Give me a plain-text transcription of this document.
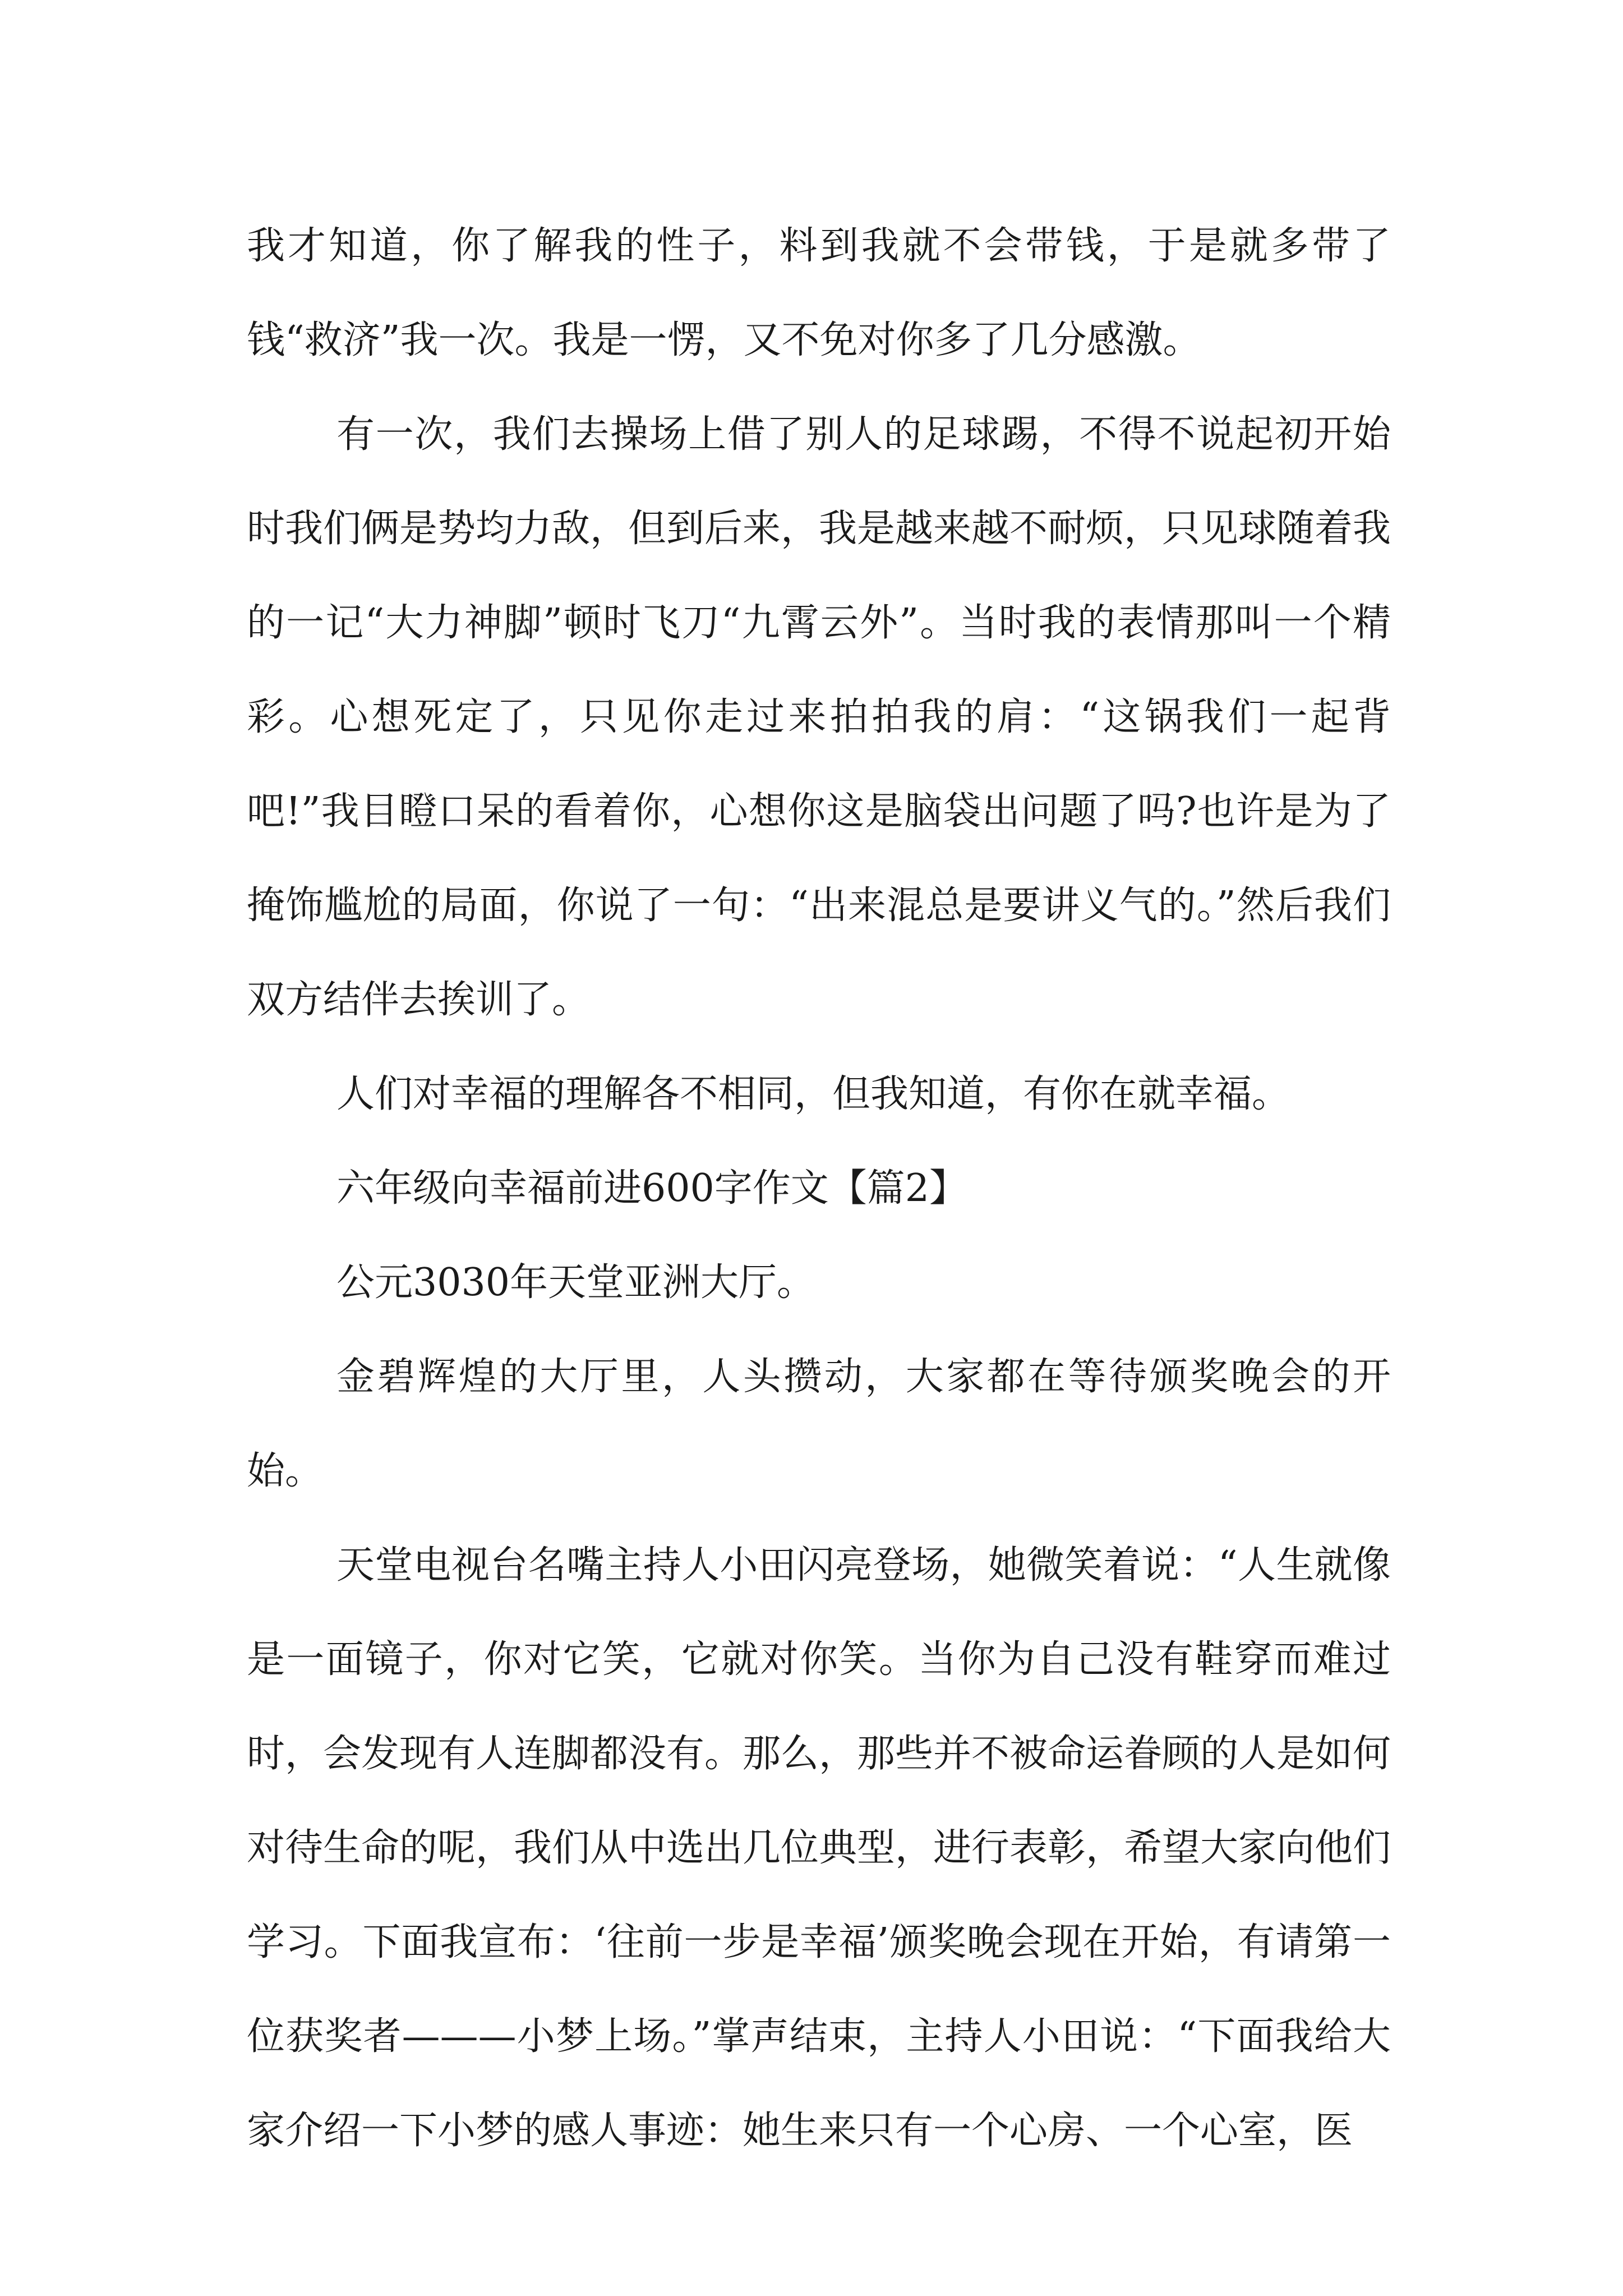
我才知道，你了解我的性子，料到我就不会带钱，于是就多带了钱“救济”我一次。我是一愣，又不免对你多了几分感激。

有一次，我们去操场上借了别人的足球踢，不得不说起初开始时我们俩是势均力敌，但到后来，我是越来越不耐烦，只见球随着我的一记“大力神脚”顿时飞刀“九霄云外”。当时我的表情那叫一个精彩。心想死定了，只见你走过来拍拍我的肩：“这锅我们一起背吧!”我目瞪口呆的看着你，心想你这是脑袋出问题了吗?也许是为了掩饰尴尬的局面，你说了一句：“出来混总是要讲义气的。”然后我们双方结伴去挨训了。

人们对幸福的理解各不相同，但我知道，有你在就幸福。

六年级向幸福前进600字作文【篇2】

公元3030年天堂亚洲大厅。

金碧辉煌的大厅里，人头攒动，大家都在等待颁奖晚会的开始。

天堂电视台名嘴主持人小田闪亮登场，她微笑着说：“人生就像是一面镜子，你对它笑，它就对你笑。当你为自己没有鞋穿而难过时，会发现有人连脚都没有。那么，那些并不被命运眷顾的人是如何对待生命的呢，我们从中选出几位典型，进行表彰，希望大家向他们学习。下面我宣布：‘往前一步是幸福’颁奖晚会现在开始，有请第一位获奖者———小梦上场。”掌声结束，主持人小田说：“下面我给大家介绍一下小梦的感人事迹：她生来只有一个心房、一个心室，医
